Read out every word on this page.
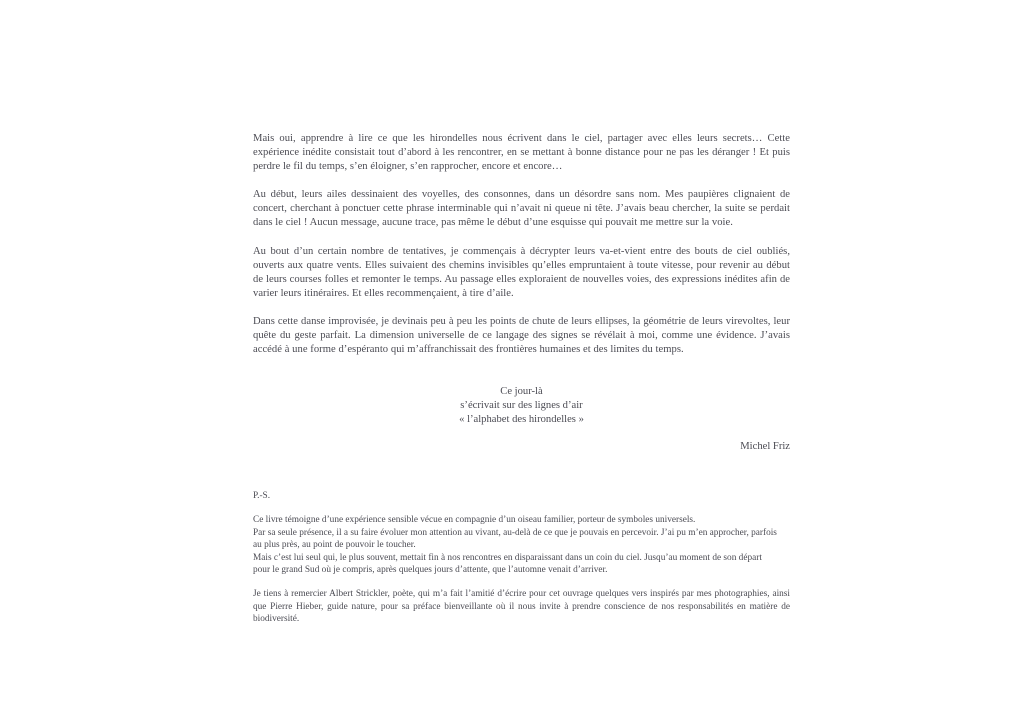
Mais oui, apprendre à lire ce que les hirondelles nous écrivent dans le ciel, partager avec elles leurs secrets… Cette expérience inédite consistait tout d’abord à les rencontrer, en se mettant à bonne distance pour ne pas les déranger ! Et puis perdre le fil du temps, s’en éloigner, s’en rapprocher, encore et encore…

Au début, leurs ailes dessinaient des voyelles, des consonnes, dans un désordre sans nom. Mes paupières clignaient de concert, cherchant à ponctuer cette phrase interminable qui n’avait ni queue ni tête. J’avais beau chercher, la suite se perdait dans le ciel ! Aucun message, aucune trace, pas même le début d’une esquisse qui pouvait me mettre sur la voie.

Au bout d’un certain nombre de tentatives, je commençais à décrypter leurs va-et-vient entre des bouts de ciel oubliés, ouverts aux quatre vents. Elles suivaient des chemins invisibles qu’elles empruntaient à toute vitesse, pour revenir au début de leurs courses folles et remonter le temps. Au passage elles exploraient de nouvelles voies, des expressions inédites afin de varier leurs itinéraires. Et elles recommençaient, à tire d’aile.

Dans cette danse improvisée, je devinais peu à peu les points de chute de leurs ellipses, la géométrie de leurs virevoltes, leur quête du geste parfait. La dimension universelle de ce langage des signes se révélait à moi, comme une évidence. J’avais accédé à une forme d’espéranto qui m’affranchissait des frontières humaines et des limites du temps.

Ce jour-là
s’écrivait sur des lignes d’air
« l’alphabet des hirondelles »
Michel Friz
P.-S.

Ce livre témoigne d’une expérience sensible vécue en compagnie d’un oiseau familier, porteur de symboles universels.
Par sa seule présence, il a su faire évoluer mon attention au vivant, au-delà de ce que je pouvais en percevoir. J’ai pu m’en approcher, parfois
au plus près, au point de pouvoir le toucher.
Mais c’est lui seul qui, le plus souvent, mettait fin à nos rencontres en disparaissant dans un coin du ciel. Jusqu’au moment de son départ
pour le grand Sud où je compris, après quelques jours d’attente, que l’automne venait d’arriver.

Je tiens à remercier Albert Strickler, poète, qui m’a fait l’amitié d’écrire pour cet ouvrage quelques vers inspirés par mes photographies, ainsi que Pierre Hieber, guide nature, pour sa préface bienveillante où il nous invite à prendre conscience de nos responsabilités en matière de biodiversité.
